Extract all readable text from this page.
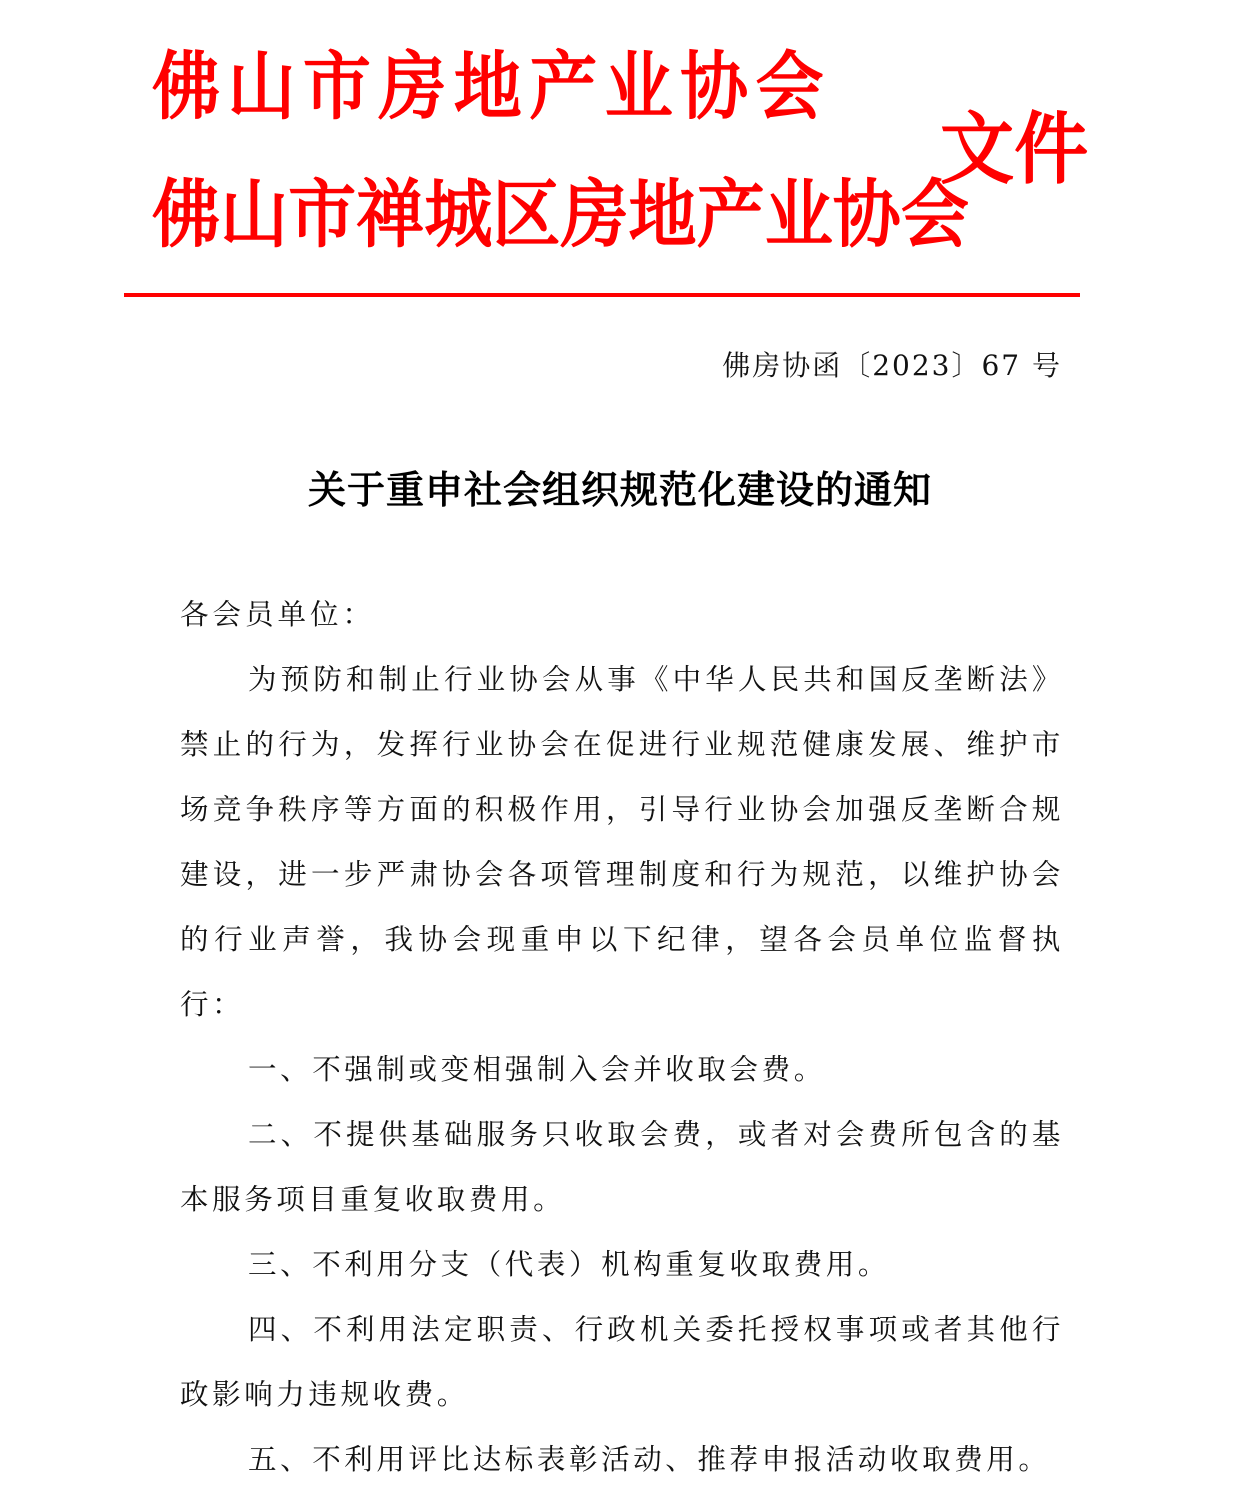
佛山市房地产业协会
佛山市禅城区房地产业协会
文件
佛房协函〔2023〕67 号
关于重申社会组织规范化建设的通知

各会员单位：

为预防和制止行业协会从事《中华人民共和国反垄断法》禁止的行为，发挥行业协会在促进行业规范健康发展、维护市场竞争秩序等方面的积极作用，引导行业协会加强反垄断合规建设，进一步严肃协会各项管理制度和行为规范，以维护协会的行业声誉，我协会现重申以下纪律，望各会员单位监督执行：

一、不强制或变相强制入会并收取会费。

二、不提供基础服务只收取会费，或者对会费所包含的基本服务项目重复收取费用。

三、不利用分支（代表）机构重复收取费用。

四、不利用法定职责、行政机关委托授权事项或者其他行政影响力违规收费。

五、不利用评比达标表彰活动、推荐申报活动收取费用。
